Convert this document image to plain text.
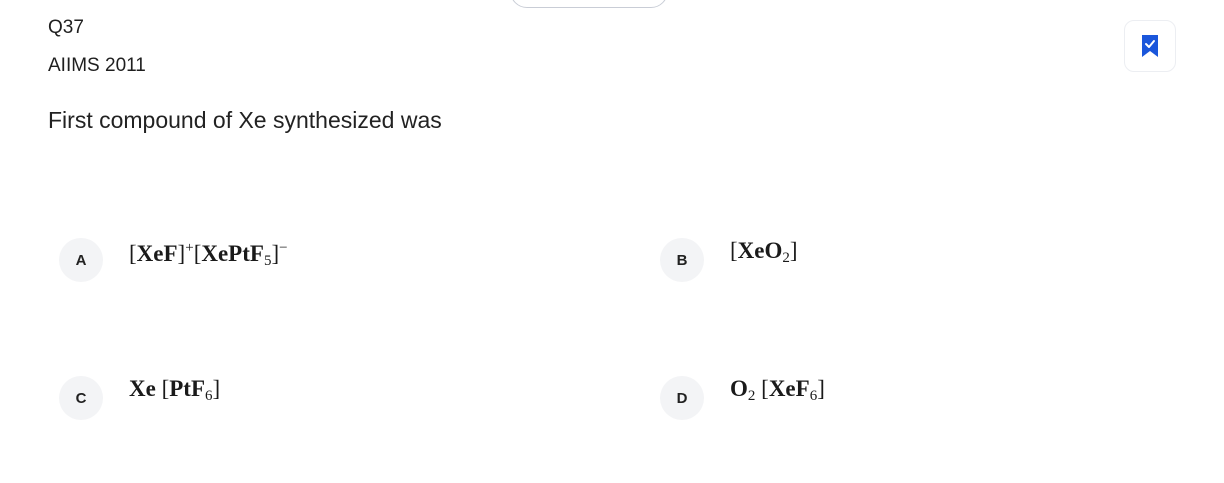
Q37
AIIMS 2011
First compound of Xe synthesized was
A	[XeF]+[XePtF$_5$]−
B	[XeO$_2$]
C	Xe [PtF$_6$]	D	$O_2$ [XeF$_6$]
